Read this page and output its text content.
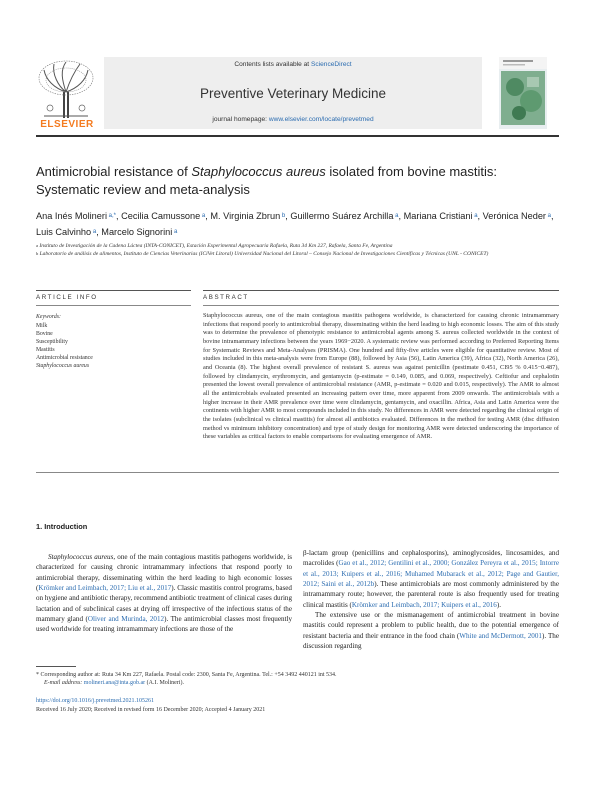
ELSEVIER
Contents lists available at ScienceDirect
Preventive Veterinary Medicine
journal homepage: www.elsevier.com/locate/prevetmed
Antimicrobial resistance of Staphylococcus aureus isolated from bovine mastitis: Systematic review and meta-analysis
Ana Inés Molineri $^{a,*}$, Cecilia Camussone $^a$, M. Virginia Zbrun $^b$, Guillermo Suárez Archilla $^a$, Mariana Cristiani $^a$, Verónica Neder $^a$, Luis Calvinho $^a$, Marcelo Signorini $^a$
$^a$ Instituto de Investigación de la Cadena Láctea (INTA-CONICET), Estación Experimental Agropecuaria Rafaela, Ruta 34 Km 227, Rafaela, Santa Fe, Argentina
$^b$ Laboratorio de análisis de alimentos, Instituto de Ciencias Veterinarias (ICiVet Litoral) Universidad Nacional del Litoral – Consejo Nacional de Investigaciones Científicas y Técnicas (UNL - CONICET)
ARTICLE INFO	ABSTRACT
Keywords:
Milk
Bovine
Susceptibility
Mastitis
Antimicrobial resistance
Staphylococcus aureus
Staphylococcus aureus, one of the main contagious mastitis pathogens worldwide, is characterized for causing chronic intramammary infections that respond poorly to antimicrobial therapy, disseminating within the herd leading to high economic losses. The aim of this study was to determine the prevalence of phenotypic resistance to antimicrobial agents among S. aureus collected worldwide in the context of bovine intramammary infections between the years 1969−2020. A systematic review was performed according to Preferred Reporting Items for Systematic Reviews and Meta-Analyses (PRISMA). One hundred and fifty-five articles were eligible for quantitative review. Most of studies included in this meta-analysis were from Europe (88), followed by Asia (56), Latin America (39), Africa (32), North America (26), and Oceania (8). The highest overall prevalence of resistant S. aureus was against penicillin (pestimate 0.451, CI95 % 0.415−0.487), followed by clindamycin, erythromycin, and gentamycin (p-estimate = 0.149, 0.085, and 0.069, respectively). Ceftiofur and cephalotin presented the lowest overall prevalence of antimicrobial resistance (AMR, p-estimate = 0.020 and 0.015, respectively). The AMR to almost all the antimicrobials evaluated presented an increasing pattern over time, more apparent from 2009 onwards. The antimicrobials with a higher increase in their AMR prevalence over time were clindamycin, gentamycin, and oxacillin. Africa, Asia and Latin America were the continents with higher AMR to most compounds included in this study. No differences in AMR were detected regarding the clinical origin of the isolates (subclinical vs clinical mastitis) for almost all antibiotics evaluated. Differences in the method for testing AMR (disc diffusion method vs minimum inhibitory concentration) and type of study design for monitoring AMR were detected underscoring the importance of these variables as critical factors to enable comparisons for evaluating emergence of AMR.
1. Introduction
Staphylococcus aureus, one of the main contagious mastitis pathogens worldwide, is characterized for causing chronic intramammary infections that respond poorly to antimicrobial therapy, disseminating within the herd leading to high economic losses (Krömker and Leimbach, 2017; Liu et al., 2017). Classic mastitis control programs, based on hygiene and antibiotic therapy, recommend antibiotic treatment of clinical cases during lactation and of subclinical cases at drying off irrespective of the infectious status of the mammary gland (Oliver and Murinda, 2012). The antimicrobial classes most frequently used worldwide for treating intramammary infections are those of the
β-lactam group (penicillins and cephalosporins), aminoglycosides, lincosamides, and macrolides (Gao et al., 2012; Gentilini et al., 2000; González Pereyra et al., 2015; Intorre et al., 2013; Kuipers et al., 2016; Muhamed Mubarack et al., 2012; Page and Gautier, 2012; Saini et al., 2012b). These antimicrobials are most commonly administered by the intramammary route; however, the parenteral route is also frequently used for treating clinical mastitis (Krömker and Leimbach, 2017; Kuipers et al., 2016).
The extensive use or the mismanagement of antimicrobial treatment in bovine mastitis could represent a problem to public health, due to the potential emergence of resistant bacteria and their entrance in the food chain (White and McDermott, 2001). The discussion regarding
* Corresponding author at: Ruta 34 Km 227, Rafaela. Postal code: 2300, Santa Fe, Argentina. Tel.: +54 3492 440121 int 534.
E-mail address: molineri.ana@inta.gob.ar (A.I. Molineri).
https://doi.org/10.1016/j.prevetmed.2021.105261
Received 16 July 2020; Received in revised form 16 December 2020; Accepted 4 January 2021
